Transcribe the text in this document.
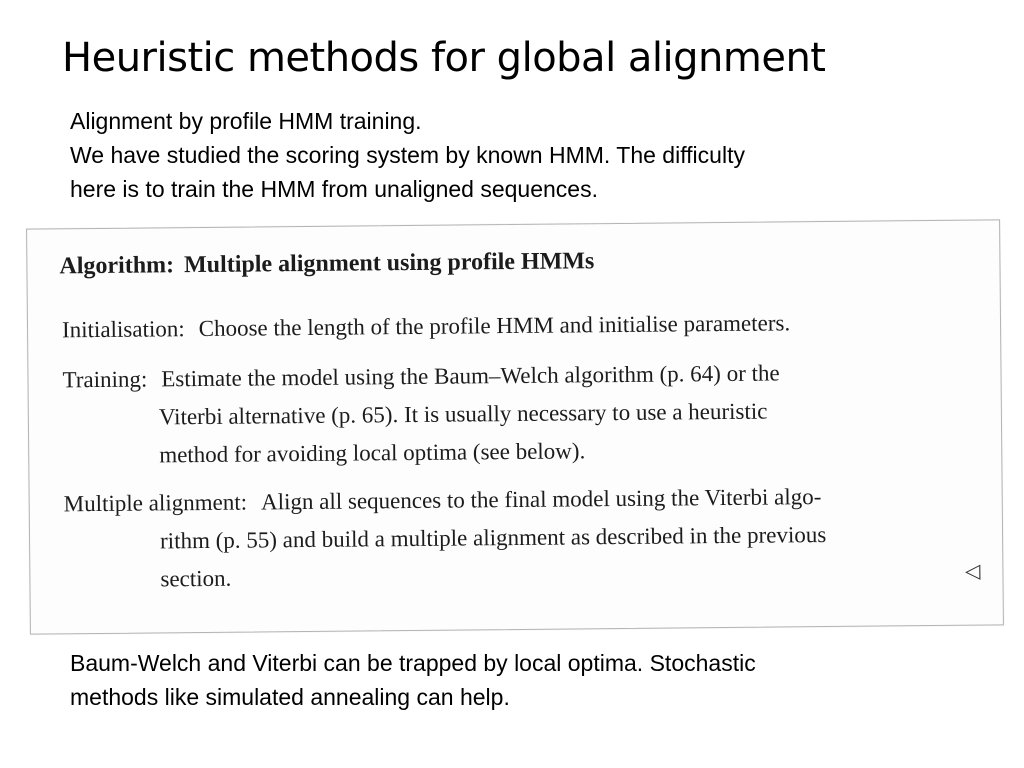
Heuristic methods for global alignment
Alignment by profile HMM training.
We have studied the scoring system by known HMM. The difficulty
here is to train the HMM from unaligned sequences.
Algorithm: Multiple alignment using profile HMMs
Initialisation: Choose the length of the profile HMM and initialise parameters.
Training: Estimate the model using the Baum–Welch algorithm (p. 64) or the
Viterbi alternative (p. 65). It is usually necessary to use a heuristic
method for avoiding local optima (see below).
Multiple alignment: Align all sequences to the final model using the Viterbi algo-
rithm (p. 55) and build a multiple alignment as described in the previous
section.	◁
Baum-Welch and Viterbi can be trapped by local optima. Stochastic
methods like simulated annealing can help.
